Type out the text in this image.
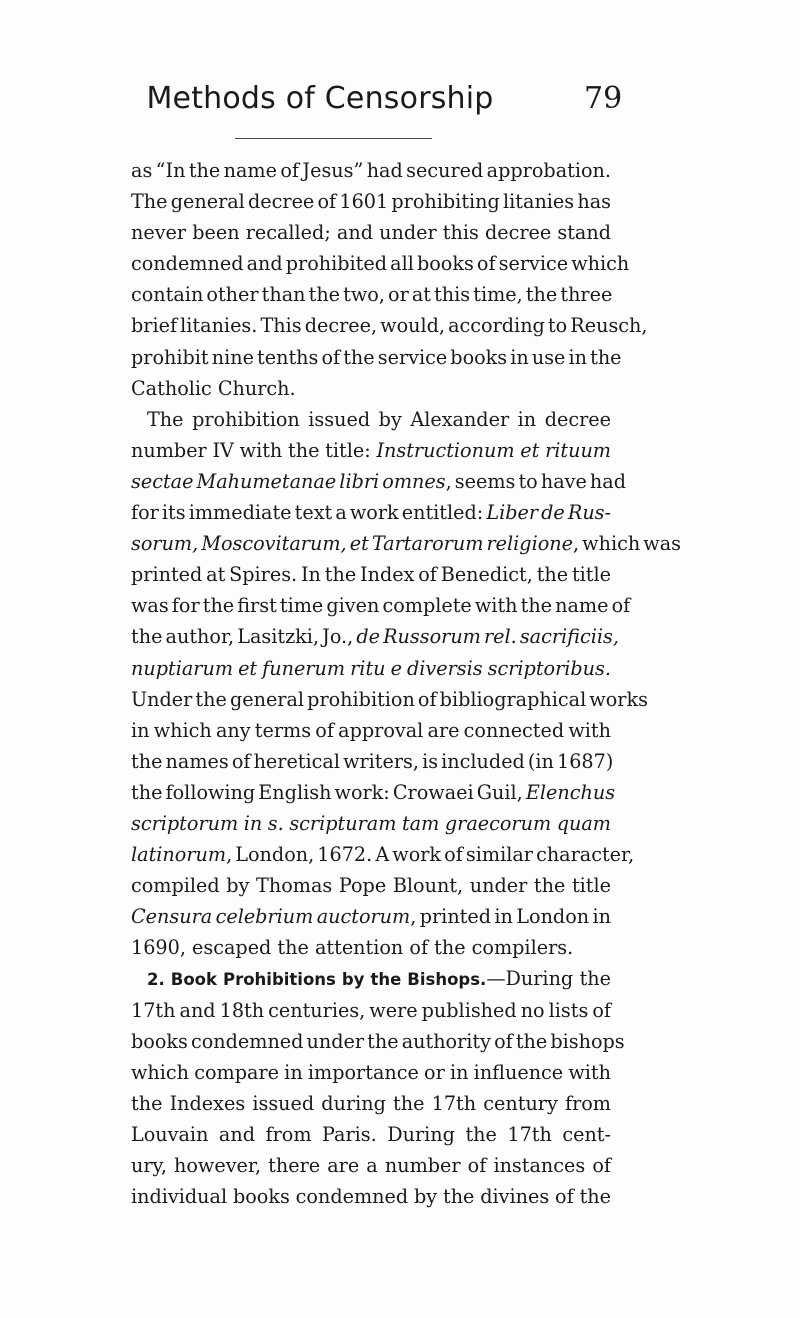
Methods of Censorship	79
as “In the name of Jesus” had secured approbation.
The general decree of 1601 prohibiting litanies has
never been recalled; and under this decree stand
condemned and prohibited all books of service which
contain other than the two, or at this time, the three
brief litanies. This decree, would, according to Reusch,
prohibit nine tenths of the service books in use in the
Catholic Church.
The prohibition issued by Alexander in decree
number IV with the title: Instructionum et rituum
sectae Mahumetanae libri omnes, seems to have had
for its immediate text a work entitled: Liber de Rus-
sorum, Moscovitarum, et Tartarorum religione, which was
printed at Spires. In the Index of Benedict, the title
was for the first time given complete with the name of
the author, Lasitzki, Jo., de Russorum rel. sacrificiis,
nuptiarum et funerum ritu e diversis scriptoribus.
Under the general prohibition of bibliographical works
in which any terms of approval are connected with
the names of heretical writers, is included (in 1687)
the following English work: Crowaei Guil, Elenchus
scriptorum in s. scripturam tam graecorum quam
latinorum, London, 1672. A work of similar character,
compiled by Thomas Pope Blount, under the title
Censura celebrium auctorum, printed in London in
1690, escaped the attention of the compilers.
2. Book Prohibitions by the Bishops.—During the
17th and 18th centuries, were published no lists of
books condemned under the authority of the bishops
which compare in importance or in influence with
the Indexes issued during the 17th century from
Louvain and from Paris. During the 17th cent-
ury, however, there are a number of instances of
individual books condemned by the divines of the
